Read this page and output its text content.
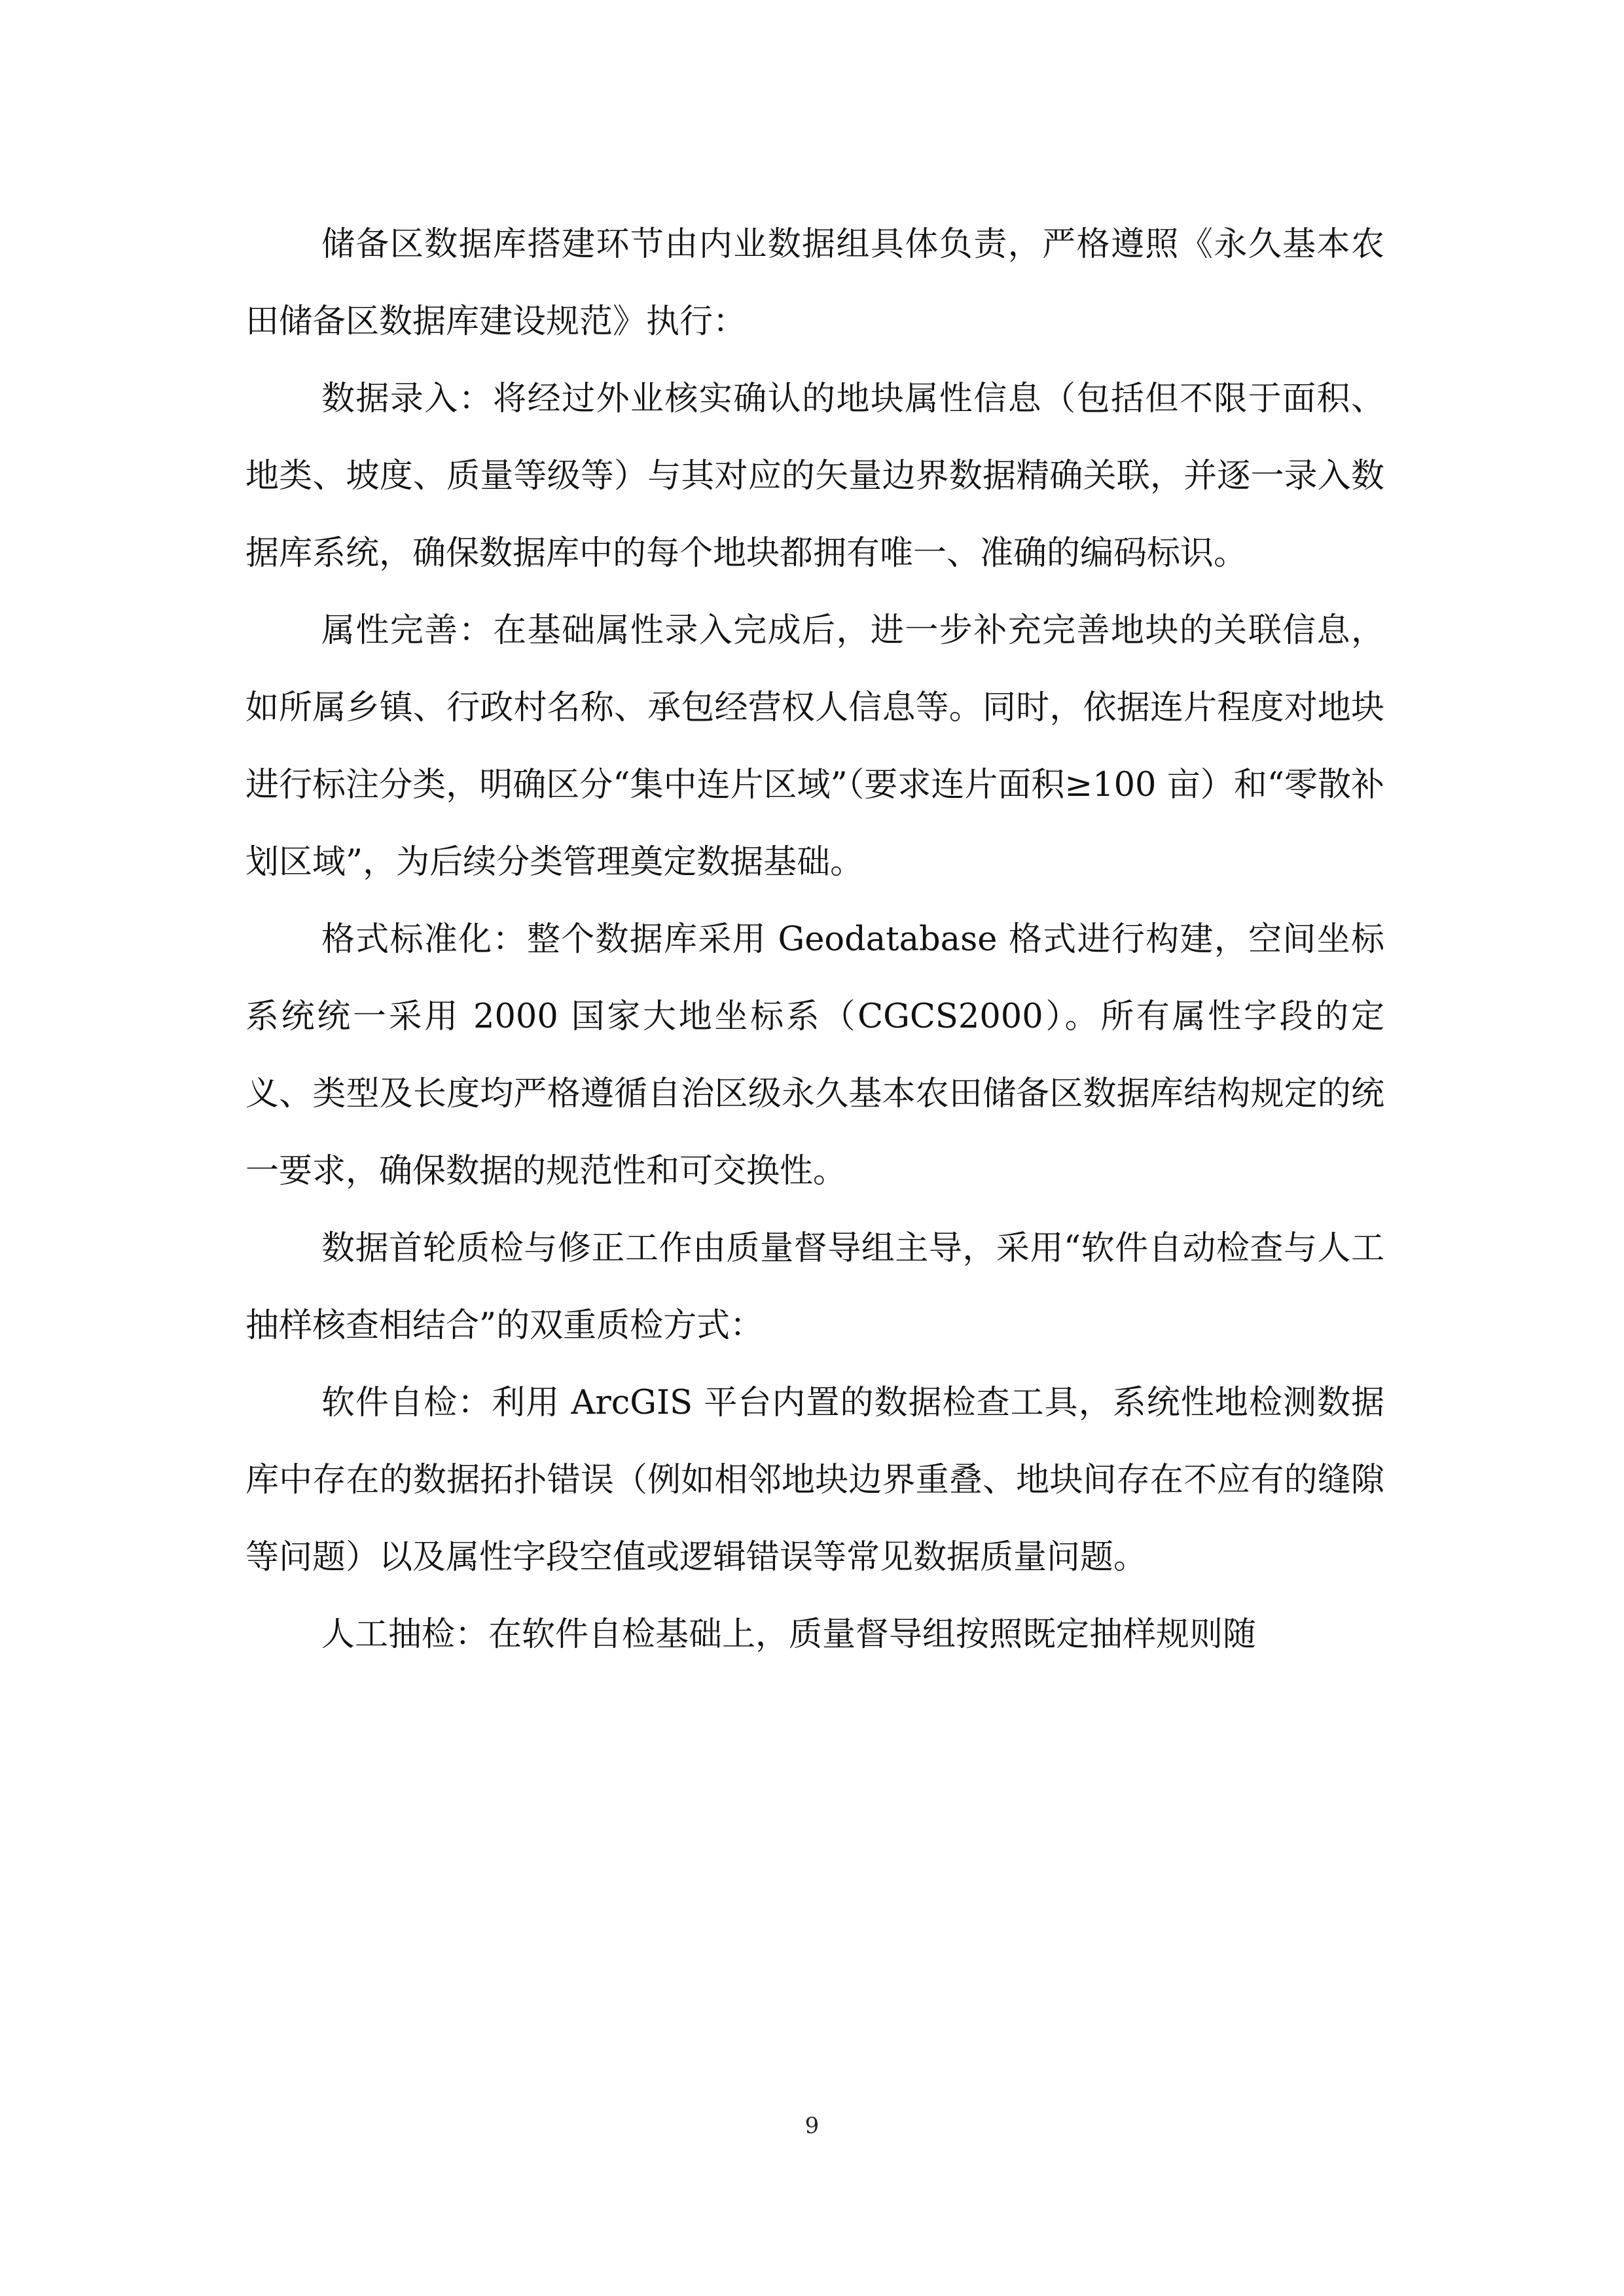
储备区数据库搭建环节由内业数据组具体负责，严格遵照《永久基本农田储备区数据库建设规范》执行：

数据录入：将经过外业核实确认的地块属性信息（包括但不限于面积、地类、坡度、质量等级等）与其对应的矢量边界数据精确关联，并逐一录入数据库系统，确保数据库中的每个地块都拥有唯一、准确的编码标识。

属性完善：在基础属性录入完成后，进一步补充完善地块的关联信息，如所属乡镇、行政村名称、承包经营权人信息等。同时，依据连片程度对地块进行标注分类，明确区分“集中连片区域”（要求连片面积≥100 亩）和“零散补划区域”，为后续分类管理奠定数据基础。

格式标准化：整个数据库采用 Geodatabase 格式进行构建，空间坐标系统统一采用 2000 国家大地坐标系（CGCS2000）。所有属性字段的定义、类型及长度均严格遵循自治区级永久基本农田储备区数据库结构规定的统一要求，确保数据的规范性和可交换性。

数据首轮质检与修正工作由质量督导组主导，采用“软件自动检查与人工抽样核查相结合”的双重质检方式：

软件自检：利用 ArcGIS 平台内置的数据检查工具，系统性地检测数据库中存在的数据拓扑错误（例如相邻地块边界重叠、地块间存在不应有的缝隙等问题）以及属性字段空值或逻辑错误等常见数据质量问题。

人工抽检：在软件自检基础上，质量督导组按照既定抽样规则随

9
